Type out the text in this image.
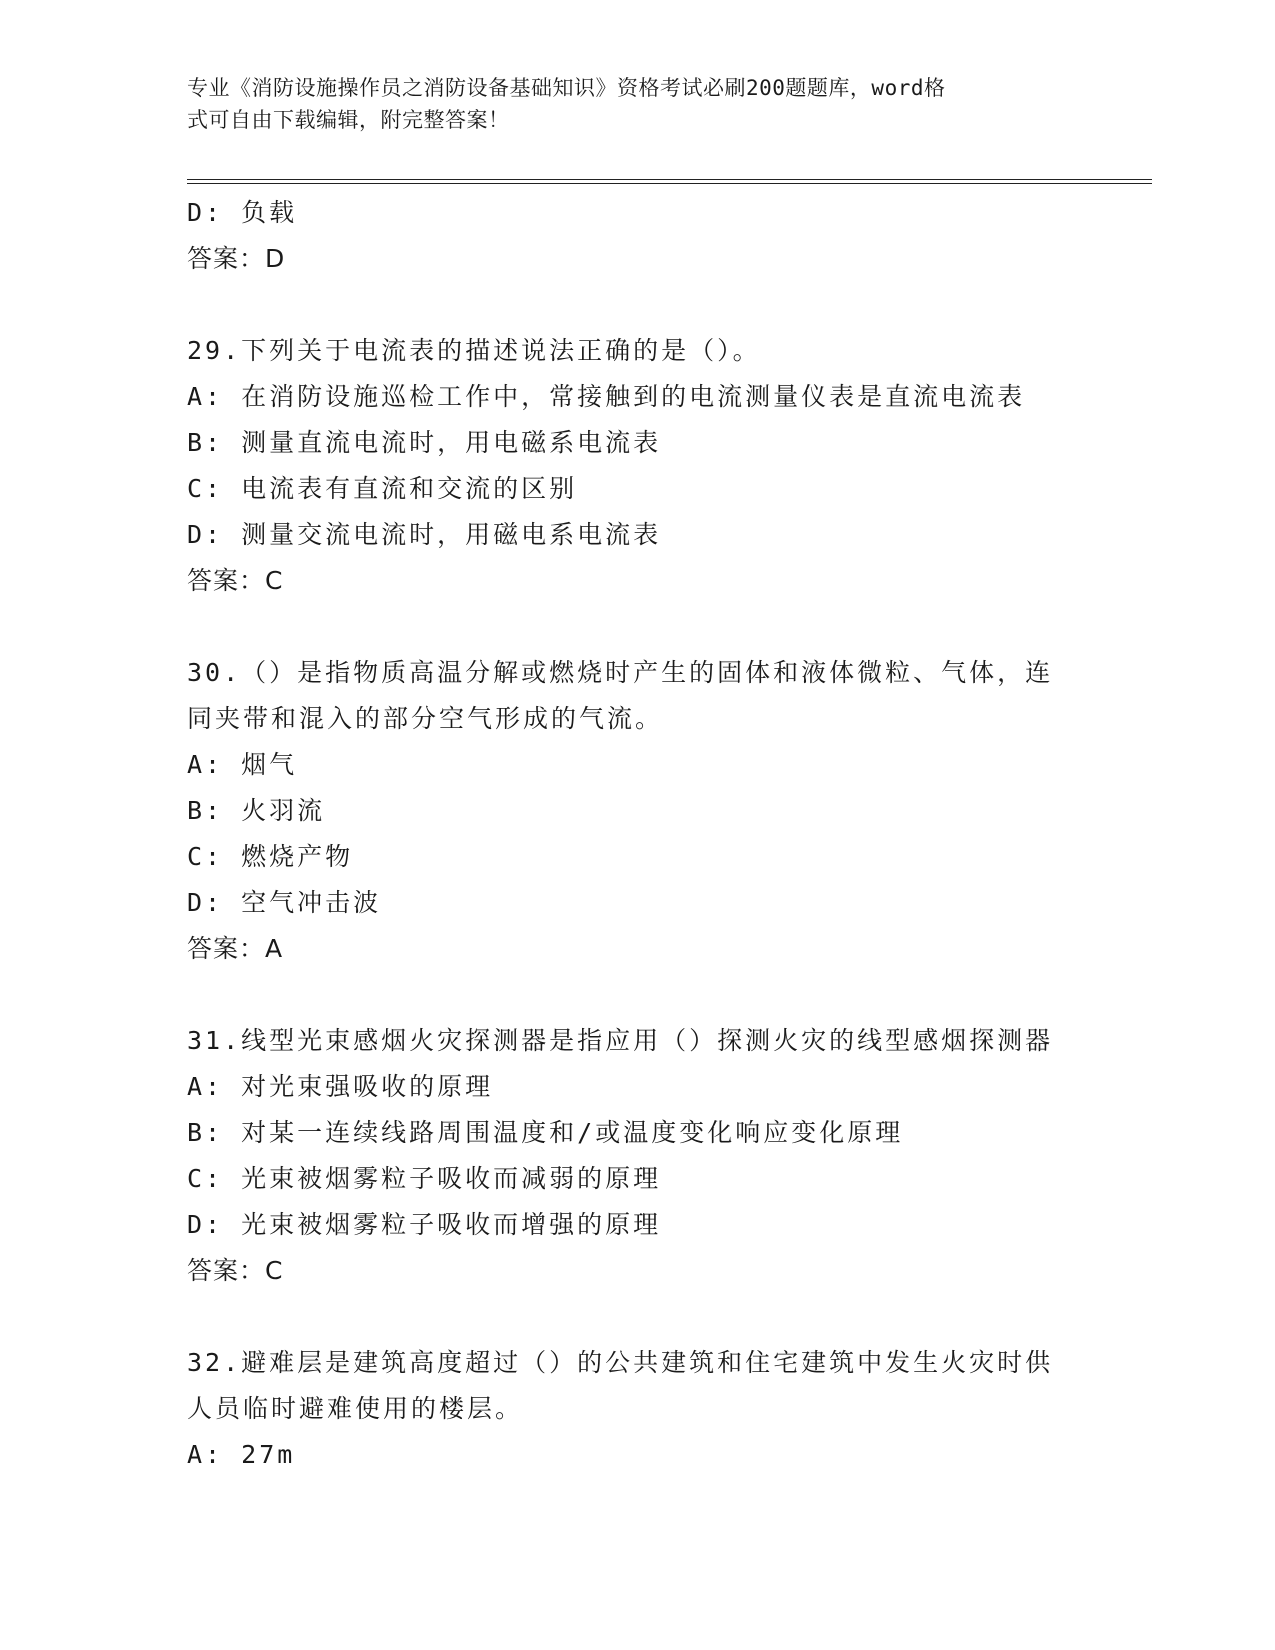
专业《消防设施操作员之消防设备基础知识》资格考试必刷200题题库，word格
式可自由下载编辑，附完整答案！
D: 负载
答案：D
29.下列关于电流表的描述说法正确的是（）。
A: 在消防设施巡检工作中，常接触到的电流测量仪表是直流电流表
B: 测量直流电流时，用电磁系电流表
C: 电流表有直流和交流的区别
D: 测量交流电流时，用磁电系电流表
答案：C
30.（）是指物质高温分解或燃烧时产生的固体和液体微粒、气体，连
同夹带和混入的部分空气形成的气流。
A: 烟气
B: 火羽流
C: 燃烧产物
D: 空气冲击波
答案：A
31.线型光束感烟火灾探测器是指应用（）探测火灾的线型感烟探测器
A: 对光束强吸收的原理
B: 对某一连续线路周围温度和/或温度变化响应变化原理
C: 光束被烟雾粒子吸收而减弱的原理
D: 光束被烟雾粒子吸收而增强的原理
答案：C
32.避难层是建筑高度超过（）的公共建筑和住宅建筑中发生火灾时供
人员临时避难使用的楼层。
A: 27m
